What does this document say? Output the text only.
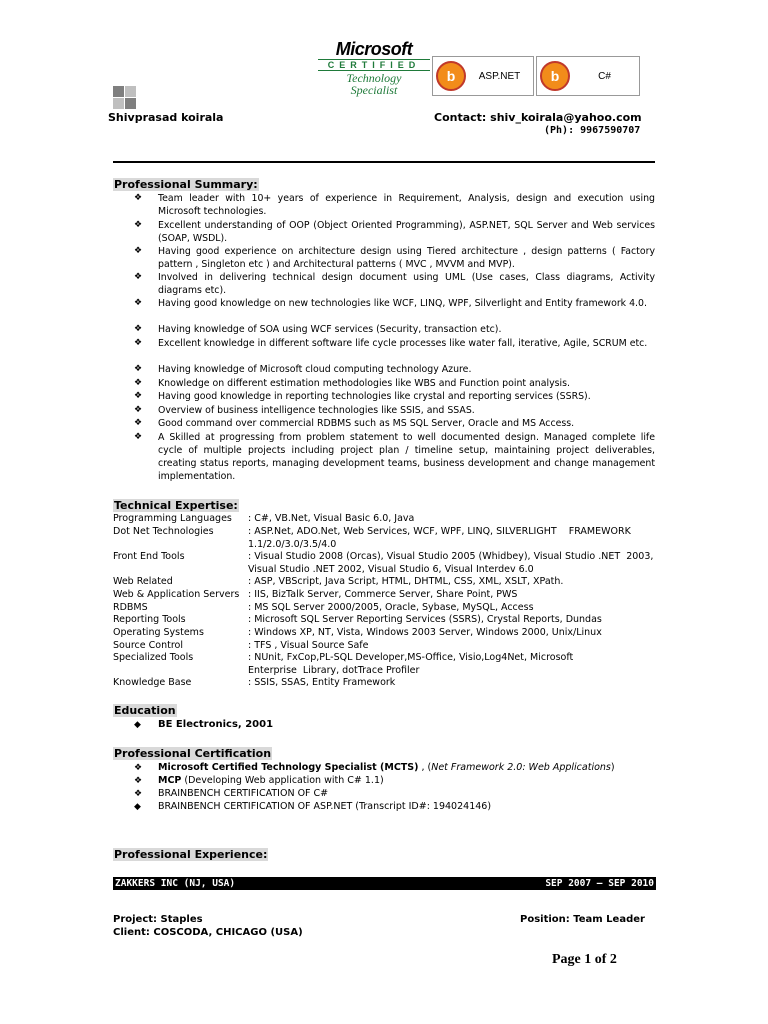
Microsoft
CERTIFIED
Technology
Specialist
b	ASP.NET	b	C#
Shivprasad koirala	Contact: shiv_koirala@yahoo.com
(Ph): 9967590707
Professional Summary:
❖ Team leader with 10+ years of experience in Requirement, Analysis, design and execution using Microsoft technologies.
❖ Excellent understanding of OOP (Object Oriented Programming), ASP.NET, SQL Server and Web services (SOAP, WSDL).
❖ Having good experience on architecture design using Tiered architecture , design patterns ( Factory pattern , Singleton etc ) and Architectural patterns ( MVC , MVVM and MVP).
❖ Involved in delivering technical design document using UML (Use cases, Class diagrams, Activity diagrams etc).
❖ Having good knowledge on new technologies like WCF, LINQ, WPF, Silverlight and Entity framework 4.0.
❖ Having knowledge of SOA using WCF services (Security, transaction etc).
❖ Excellent knowledge in different software life cycle processes like water fall, iterative, Agile, SCRUM etc.
❖ Having knowledge of Microsoft cloud computing technology Azure.
❖ Knowledge on different estimation methodologies like WBS and Function point analysis.
❖ Having good knowledge in reporting technologies like crystal and reporting services (SSRS).
❖ Overview of business intelligence technologies like SSIS, and SSAS.
❖ Good command over commercial RDBMS such as MS SQL Server, Oracle and MS Access.
❖ A Skilled at progressing from problem statement to well documented design. Managed complete life cycle of multiple projects including project plan / timeline setup, maintaining project deliverables, creating status reports, managing development teams, business development and change management implementation.
Technical Expertise:
Programming Languages : C#, VB.Net, Visual Basic 6.0, Java
Dot Net Technologies	: ASP.Net, ADO.Net, Web Services, WCF, WPF, LINQ, SILVERLIGHT    FRAMEWORK 1.1/2.0/3.0/3.5/4.0
Front End Tools	: Visual Studio 2008 (Orcas), Visual Studio 2005 (Whidbey), Visual Studio .NET  2003, Visual Studio .NET 2002, Visual Studio 6, Visual Interdev 6.0
Web Related	: ASP, VBScript, Java Script, HTML, DHTML, CSS, XML, XSLT, XPath.
Web & Application Servers : IIS, BizTalk Server, Commerce Server, Share Point, PWS
RDBMS	: MS SQL Server 2000/2005, Oracle, Sybase, MySQL, Access
Reporting Tools	: Microsoft SQL Server Reporting Services (SSRS), Crystal Reports, Dundas
Operating Systems	: Windows XP, NT, Vista, Windows 2003 Server, Windows 2000, Unix/Linux
Source Control	: TFS , Visual Source Safe
Specialized Tools	: NUnit, FxCop,PL-SQL Developer,MS-Office, Visio,Log4Net, Microsoft Enterprise  Library, dotTrace Profiler
Knowledge Base	: SSIS, SSAS, Entity Framework
Education
◆ BE Electronics, 2001
Professional Certification
❖ Microsoft Certified Technology Specialist (MCTS) , (Net Framework 2.0: Web Applications)
❖ MCP (Developing Web application with C# 1.1)
❖ BRAINBENCH CERTIFICATION OF C#
◆ BRAINBENCH CERTIFICATION OF ASP.NET (Transcript ID#: 194024146)
Professional Experience:
ZAKKERS INC (NJ, USA)	SEP 2007 – SEP 2010
Project: Staples	Position: Team Leader
Client: COSCODA, CHICAGO (USA)
Page 1 of 2
